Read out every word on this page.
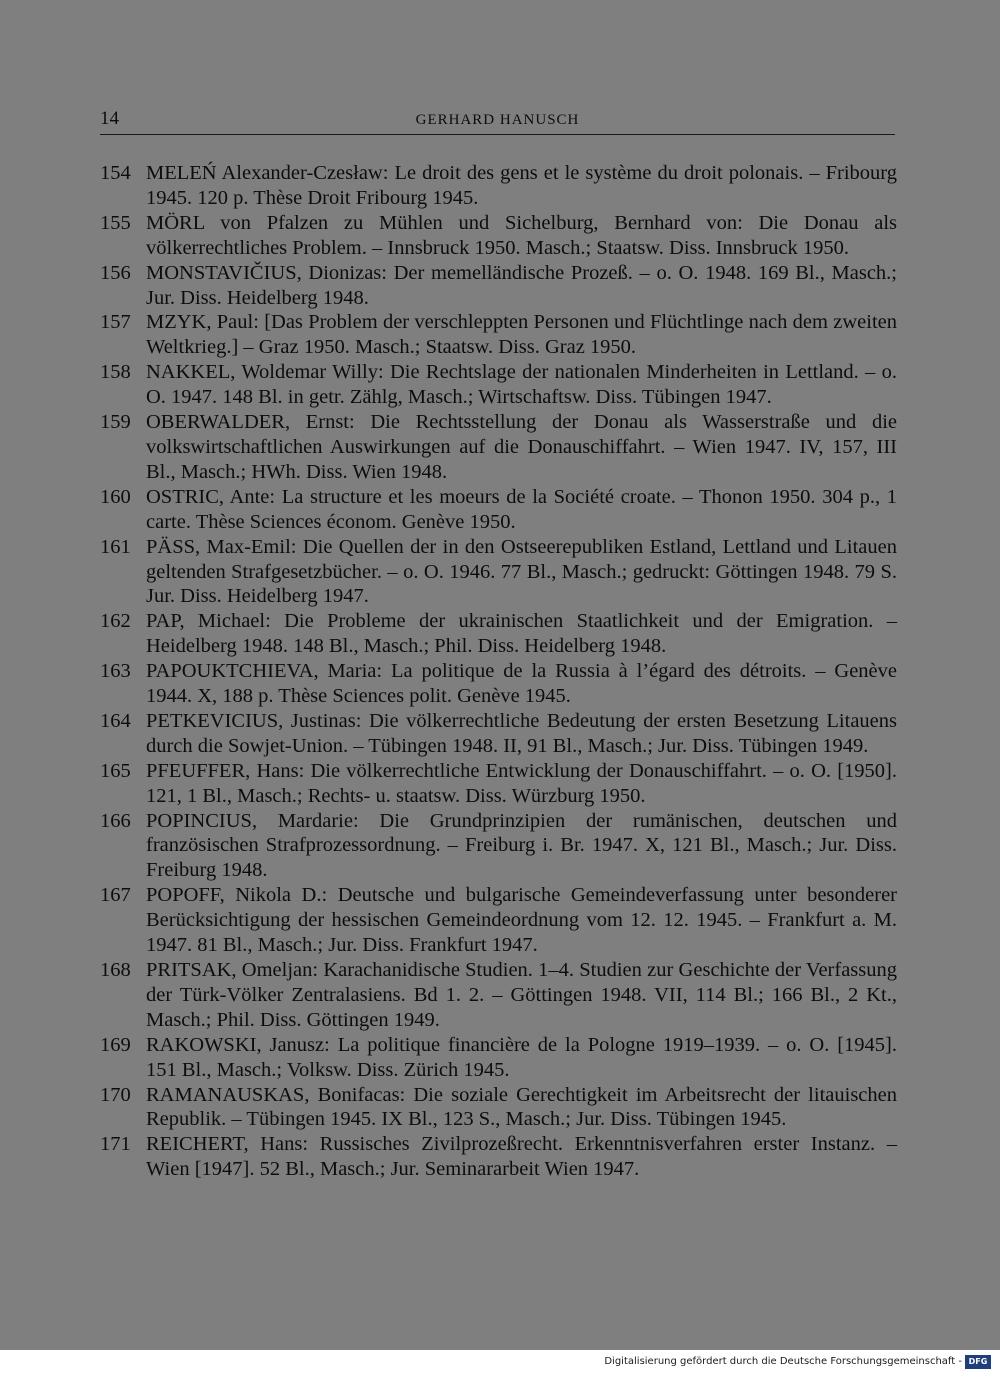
14	GERHARD HANUSCH
154 MELEŃ Alexander-Czesław: Le droit des gens et le système du droit polonais. – Fribourg 1945. 120 p. Thèse Droit Fribourg 1945.
155 MÖRL von Pfalzen zu Mühlen und Sichelburg, Bernhard von: Die Donau als völkerrechtliches Problem. – Innsbruck 1950. Masch.; Staatsw. Diss. Innsbruck 1950.
156 MONSTAVIČIUS, Dionizas: Der memelländische Prozeß. – o. O. 1948. 169 Bl., Masch.; Jur. Diss. Heidelberg 1948.
157 MZYK, Paul: [Das Problem der verschleppten Personen und Flüchtlinge nach dem zweiten Weltkrieg.] – Graz 1950. Masch.; Staatsw. Diss. Graz 1950.
158 NAKKEL, Woldemar Willy: Die Rechtslage der nationalen Minderheiten in Lettland. – o. O. 1947. 148 Bl. in getr. Zählg, Masch.; Wirtschaftsw. Diss. Tübingen 1947.
159 OBERWALDER, Ernst: Die Rechtsstellung der Donau als Wasserstraße und die volkswirtschaftlichen Auswirkungen auf die Donauschiffahrt. – Wien 1947. IV, 157, III Bl., Masch.; HWh. Diss. Wien 1948.
160 OSTRIC, Ante: La structure et les moeurs de la Société croate. – Thonon 1950. 304 p., 1 carte. Thèse Sciences économ. Genève 1950.
161 PÄSS, Max-Emil: Die Quellen der in den Ostseerepubliken Estland, Lettland und Litauen geltenden Strafgesetzbücher. – o. O. 1946. 77 Bl., Masch.; gedruckt: Göttingen 1948. 79 S. Jur. Diss. Heidelberg 1947.
162 PAP, Michael: Die Probleme der ukrainischen Staatlichkeit und der Emigration. – Heidelberg 1948. 148 Bl., Masch.; Phil. Diss. Heidelberg 1948.
163 PAPOUKTCHIEVA, Maria: La politique de la Russia à l’égard des détroits. – Genève 1944. X, 188 p. Thèse Sciences polit. Genève 1945.
164 PETKEVICIUS, Justinas: Die völkerrechtliche Bedeutung der ersten Besetzung Litauens durch die Sowjet-Union. – Tübingen 1948. II, 91 Bl., Masch.; Jur. Diss. Tübingen 1949.
165 PFEUFFER, Hans: Die völkerrechtliche Entwicklung der Donauschiffahrt. – o. O. [1950]. 121, 1 Bl., Masch.; Rechts- u. staatsw. Diss. Würzburg 1950.
166 POPINCIUS, Mardarie: Die Grundprinzipien der rumänischen, deutschen und französischen Strafprozessordnung. – Freiburg i. Br. 1947. X, 121 Bl., Masch.; Jur. Diss. Freiburg 1948.
167 POPOFF, Nikola D.: Deutsche und bulgarische Gemeindeverfassung unter besonderer Berücksichtigung der hessischen Gemeindeordnung vom 12. 12. 1945. – Frankfurt a. M. 1947. 81 Bl., Masch.; Jur. Diss. Frankfurt 1947.
168 PRITSAK, Omeljan: Karachanidische Studien. 1–4. Studien zur Geschichte der Verfassung der Türk-Völker Zentralasiens. Bd 1. 2. – Göttingen 1948. VII, 114 Bl.; 166 Bl., 2 Kt., Masch.; Phil. Diss. Göttingen 1949.
169 RAKOWSKI, Janusz: La politique financière de la Pologne 1919–1939. – o. O. [1945]. 151 Bl., Masch.; Volksw. Diss. Zürich 1945.
170 RAMANAUSKAS, Bonifacas: Die soziale Gerechtigkeit im Arbeitsrecht der litauischen Republik. – Tübingen 1945. IX Bl., 123 S., Masch.; Jur. Diss. Tübingen 1945.
171 REICHERT, Hans: Russisches Zivilprozeßrecht. Erkenntnisverfahren erster Instanz. – Wien [1947]. 52 Bl., Masch.; Jur. Seminararbeit Wien 1947.
Digitalisierung gefördert durch die Deutsche Forschungsgemeinschaft - DFG
